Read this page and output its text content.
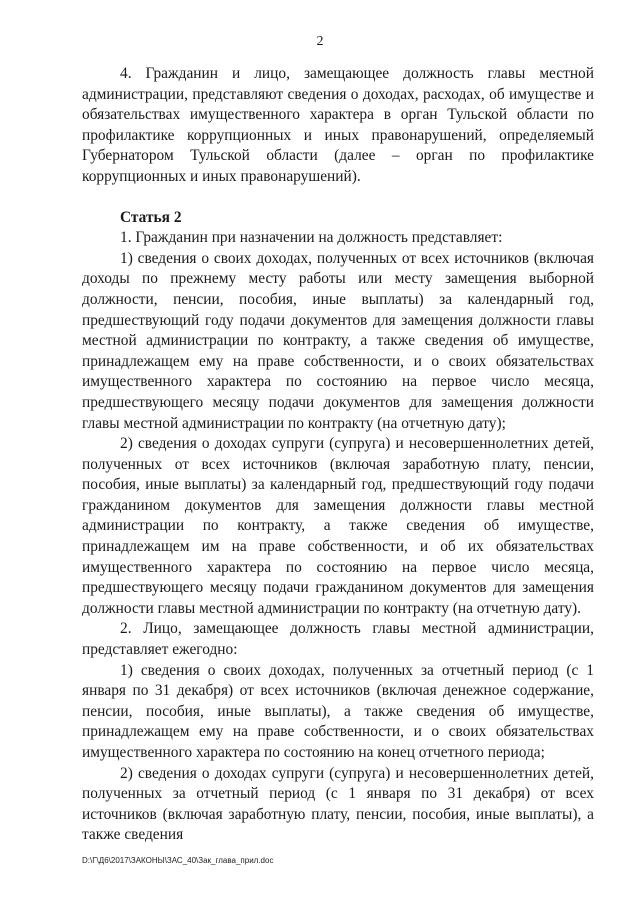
2

4. Гражданин и лицо, замещающее должность главы местной администрации, представляют сведения о доходах, расходах, об имуществе и обязательствах имущественного характера в орган Тульской области по профилактике коррупционных и иных правонарушений, определяемый Губернатором Тульской области (далее – орган по профилактике коррупционных и иных правонарушений).

Статья 2

1. Гражданин при назначении на должность представляет:

1) сведения о своих доходах, полученных от всех источников (включая доходы по прежнему месту работы или месту замещения выборной должности, пенсии, пособия, иные выплаты) за календарный год, предшествующий году подачи документов для замещения должности главы местной администрации по контракту, а также сведения об имуществе, принадлежащем ему на праве собственности, и о своих обязательствах имущественного характера по состоянию на первое число месяца, предшествующего месяцу подачи документов для замещения должности главы местной администрации по контракту (на отчетную дату);

2) сведения о доходах супруги (супруга) и несовершеннолетних детей, полученных от всех источников (включая заработную плату, пенсии, пособия, иные выплаты) за календарный год, предшествующий году подачи гражданином документов для замещения должности главы местной администрации по контракту, а также сведения об имуществе, принадлежащем им на праве собственности, и об их обязательствах имущественного характера по состоянию на первое число месяца, предшествующего месяцу подачи гражданином документов для замещения должности главы местной администрации по контракту (на отчетную дату).

2. Лицо, замещающее должность главы местной администрации, представляет ежегодно:

1) сведения о своих доходах, полученных за отчетный период (с 1 января по 31 декабря) от всех источников (включая денежное содержание, пенсии, пособия, иные выплаты), а также сведения об имуществе, принадлежащем ему на праве собственности, и о своих обязательствах имущественного характера по состоянию на конец отчетного периода;

2) сведения о доходах супруги (супруга) и несовершеннолетних детей, полученных за отчетный период (с 1 января по 31 декабря) от всех источников (включая заработную плату, пенсии, пособия, иные выплаты), а также сведения

D:\Г\Д6\2017\ЗАКОНЫ\ЗАС_40\Зак_глава_прил.doc
